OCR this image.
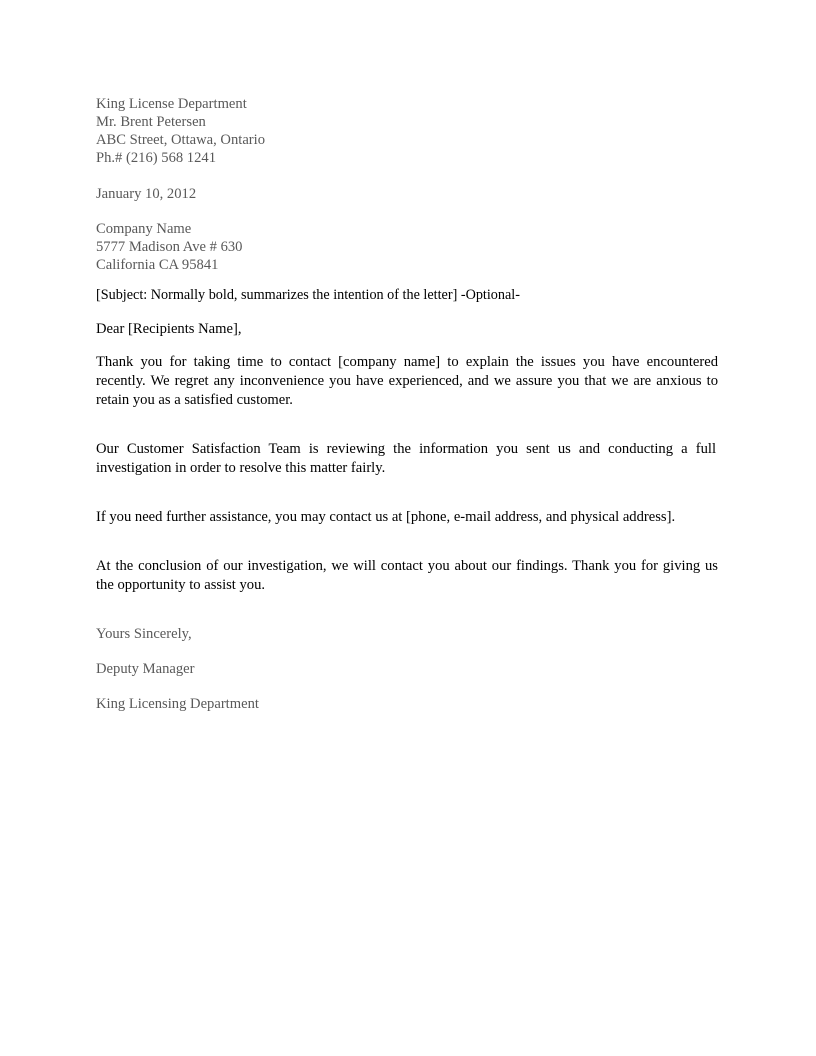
King License Department
Mr. Brent Petersen
ABC Street, Ottawa, Ontario
Ph.# (216) 568 1241
January 10, 2012
Company Name
5777 Madison Ave # 630
California CA 95841
[Subject: Normally bold, summarizes the intention of the letter] -Optional-
Dear [Recipients Name],
Thank you for taking time to contact [company name] to explain the issues you have encountered recently. We regret any inconvenience you have experienced, and we assure you that we are anxious to retain you as a satisfied customer.
Our Customer Satisfaction Team is reviewing the information you sent us and conducting a full investigation in order to resolve this matter fairly.
If you need further assistance, you may contact us at [phone, e-mail address, and physical address].
At the conclusion of our investigation, we will contact you about our findings. Thank you for giving us the opportunity to assist you.
Yours Sincerely,
Deputy Manager
King Licensing Department
